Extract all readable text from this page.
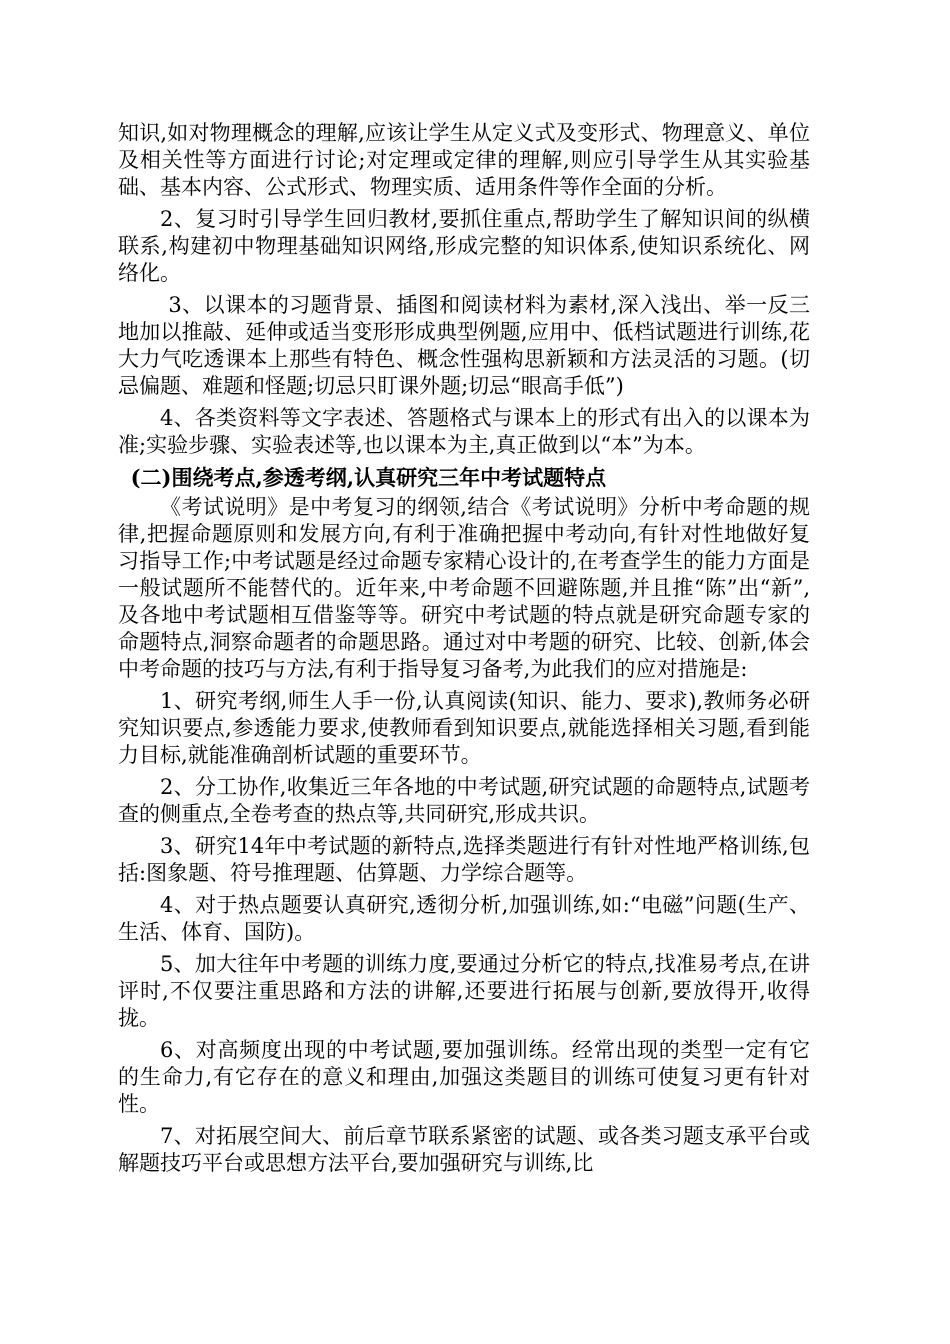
知识,如对物理概念的理解,应该让学生从定义式及变形式、物理意义、单位及相关性等方面进行讨论;对定理或定律的理解,则应引导学生从其实验基础、基本内容、公式形式、物理实质、适用条件等作全面的分析。

2、复习时引导学生回归教材,要抓住重点,帮助学生了解知识间的纵横联系,构建初中物理基础知识网络,形成完整的知识体系,使知识系统化、网络化。

3、以课本的习题背景、插图和阅读材料为素材,深入浅出、举一反三地加以推敲、延伸或适当变形形成典型例题,应用中、低档试题进行训练,花大力气吃透课本上那些有特色、概念性强构思新颖和方法灵活的习题。(切忌偏题、难题和怪题;切忌只盯课外题;切忌“眼高手低”)

4、各类资料等文字表述、答题格式与课本上的形式有出入的以课本为准;实验步骤、实验表述等,也以课本为主,真正做到以“本”为本。

(二)围绕考点,参透考纲,认真研究三年中考试题特点

《考试说明》是中考复习的纲领,结合《考试说明》分析中考命题的规律,把握命题原则和发展方向,有利于准确把握中考动向,有针对性地做好复习指导工作;中考试题是经过命题专家精心设计的,在考查学生的能力方面是一般试题所不能替代的。近年来,中考命题不回避陈题,并且推“陈”出“新”,及各地中考试题相互借鉴等等。研究中考试题的特点就是研究命题专家的命题特点,洞察命题者的命题思路。通过对中考题的研究、比较、创新,体会中考命题的技巧与方法,有利于指导复习备考,为此我们的应对措施是:

1、研究考纲,师生人手一份,认真阅读(知识、能力、要求),教师务必研究知识要点,参透能力要求,使教师看到知识要点,就能选择相关习题,看到能力目标,就能准确剖析试题的重要环节。

2、分工协作,收集近三年各地的中考试题,研究试题的命题特点,试题考查的侧重点,全卷考查的热点等,共同研究,形成共识。

3、研究14年中考试题的新特点,选择类题进行有针对性地严格训练,包括:图象题、符号推理题、估算题、力学综合题等。

4、对于热点题要认真研究,透彻分析,加强训练,如:“电磁”问题(生产、生活、体育、国防)。

5、加大往年中考题的训练力度,要通过分析它的特点,找准易考点,在讲评时,不仅要注重思路和方法的讲解,还要进行拓展与创新,要放得开,收得拢。

6、对高频度出现的中考试题,要加强训练。经常出现的类型一定有它的生命力,有它存在的意义和理由,加强这类题目的训练可使复习更有针对性。

7、对拓展空间大、前后章节联系紧密的试题、或各类习题支承平台或解题技巧平台或思想方法平台,要加强研究与训练,比
